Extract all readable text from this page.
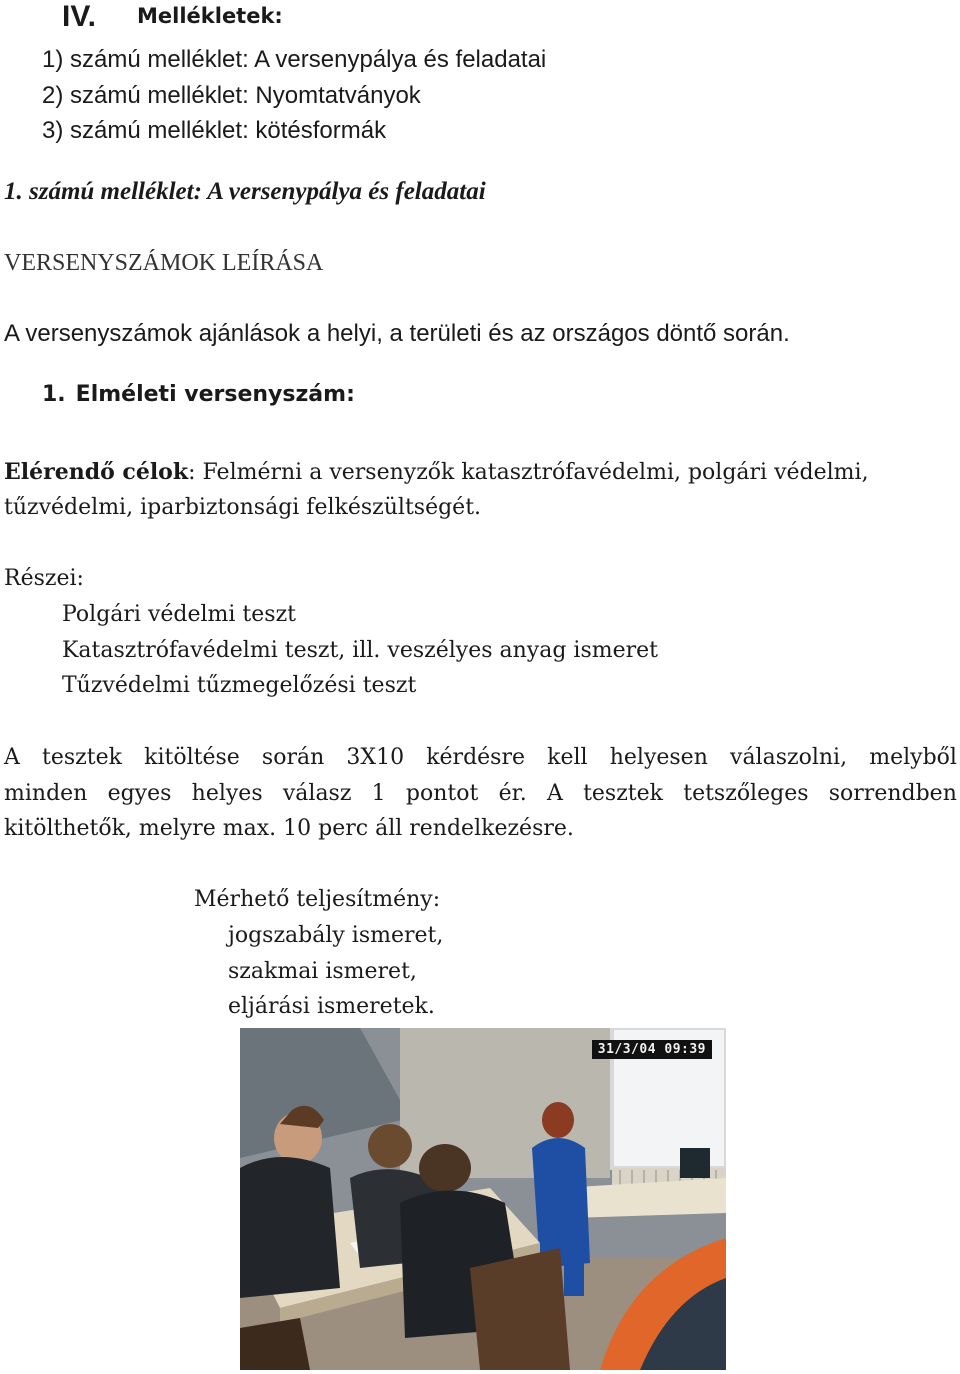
IV. Mellékletek:
1) számú melléklet: A versenypálya és feladatai
2) számú melléklet: Nyomtatványok
3) számú melléklet: kötésformák
1. számú melléklet: A versenypálya és feladatai
VERSENYSZÁMOK LEÍRÁSA
A versenyszámok ajánlások a helyi, a területi és az országos döntő során.
1. Elméleti versenyszám:
Elérendő célok: Felmérni a versenyzők katasztrófavédelmi, polgári védelmi,
tűzvédelmi, iparbiztonsági felkészültségét.
Részei:
Polgári védelmi teszt
Katasztrófavédelmi teszt, ill. veszélyes anyag ismeret
Tűzvédelmi tűzmegelőzési teszt
A tesztek kitöltése során 3X10 kérdésre kell helyesen válaszolni, melyből
minden egyes helyes válasz 1 pontot ér. A tesztek tetszőleges sorrendben
kitölthetők, melyre max. 10 perc áll rendelkezésre.
Mérhető teljesítmény:
jogszabály ismeret,
szakmai ismeret,
eljárási ismeretek.
31/3/04 09:39
